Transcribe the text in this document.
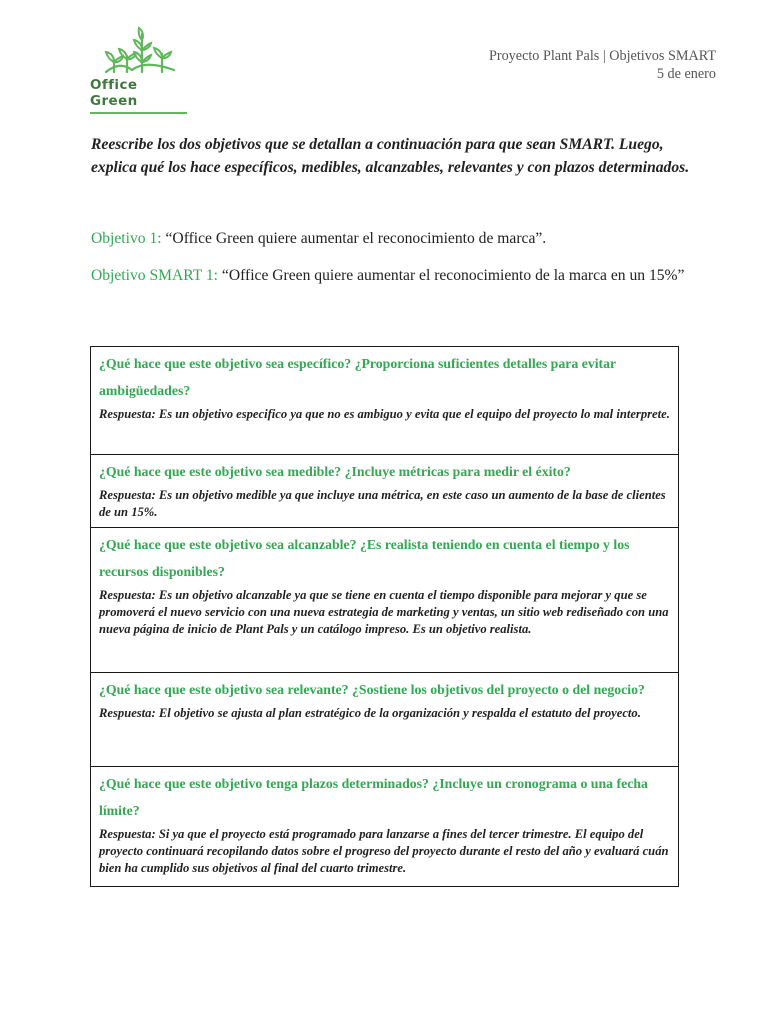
Office Green
Proyecto Plant Pals | Objetivos SMART
5 de enero
Reescribe los dos objetivos que se detallan a continuación para que sean SMART. Luego, explica qué los hace específicos, medibles, alcanzables, relevantes y con plazos determinados.
Objetivo 1: “Office Green quiere aumentar el reconocimiento de marca”.
Objetivo SMART 1: “Office Green quiere aumentar el reconocimiento de la marca en un 15%”
¿Qué hace que este objetivo sea específico? ¿Proporciona suficientes detalles para evitar ambigüedades?
Respuesta: Es un objetivo especifico ya que no es ambiguo y evita que el equipo del proyecto lo mal interprete.

¿Qué hace que este objetivo sea medible? ¿Incluye métricas para medir el éxito?
Respuesta: Es un objetivo medible ya que incluye una métrica, en este caso un aumento de la base de clientes de un 15%.

¿Qué hace que este objetivo sea alcanzable? ¿Es realista teniendo en cuenta el tiempo y los recursos disponibles?
Respuesta: Es un objetivo alcanzable ya que se tiene en cuenta el tiempo disponible para mejorar y que se promoverá el nuevo servicio con una nueva estrategia de marketing y ventas, un sitio web rediseñado con una nueva página de inicio de Plant Pals y un catálogo impreso. Es un objetivo realista.

¿Qué hace que este objetivo sea relevante? ¿Sostiene los objetivos del proyecto o del negocio?
Respuesta: El objetivo se ajusta al plan estratégico de la organización y respalda el estatuto del proyecto.

¿Qué hace que este objetivo tenga plazos determinados? ¿Incluye un cronograma o una fecha límite?
Respuesta: Si ya que el proyecto está programado para lanzarse a fines del tercer trimestre. El equipo del proyecto continuará recopilando datos sobre el progreso del proyecto durante el resto del año y evaluará cuán bien ha cumplido sus objetivos al final del cuarto trimestre.
